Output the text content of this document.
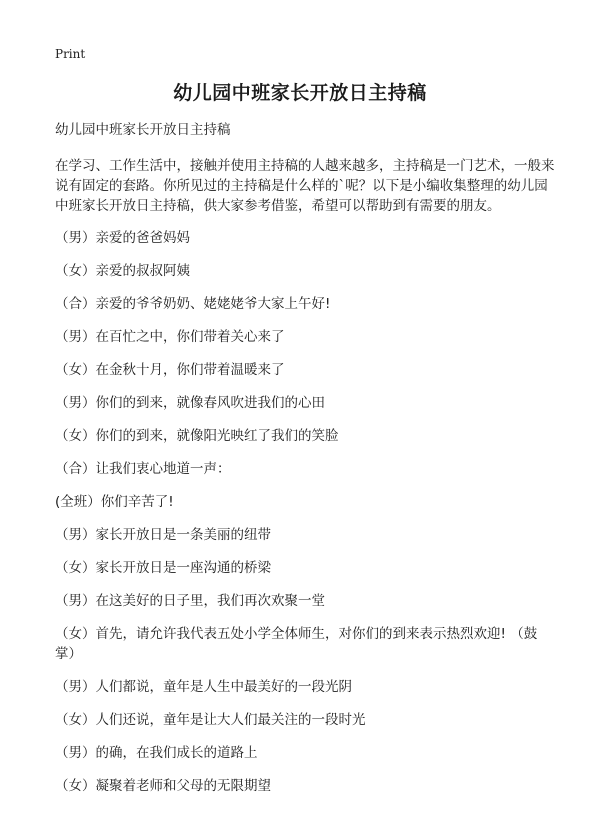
Print
幼儿园中班家长开放日主持稿

幼儿园中班家长开放日主持稿

在学习、工作生活中，接触并使用主持稿的人越来越多，主持稿是一门艺术，一般来说有固定的套路。你所见过的主持稿是什么样的`呢？以下是小编收集整理的幼儿园中班家长开放日主持稿，供大家参考借鉴，希望可以帮助到有需要的朋友。

（男）亲爱的爸爸妈妈
（女）亲爱的叔叔阿姨
（合）亲爱的爷爷奶奶、姥姥姥爷大家上午好!
（男）在百忙之中，你们带着关心来了
（女）在金秋十月，你们带着温暖来了
（男）你们的到来，就像春风吹进我们的心田
（女）你们的到来，就像阳光映红了我们的笑脸
（合）让我们衷心地道一声：
(全班）你们辛苦了!
（男）家长开放日是一条美丽的纽带
（女）家长开放日是一座沟通的桥梁
（男）在这美好的日子里，我们再次欢聚一堂
（女）首先，请允许我代表五处小学全体师生，对你们的到来表示热烈欢迎! （鼓掌）
（男）人们都说，童年是人生中最美好的一段光阴
（女）人们还说，童年是让大人们最关注的一段时光
（男）的确，在我们成长的道路上
（女）凝聚着老师和父母的无限期望
